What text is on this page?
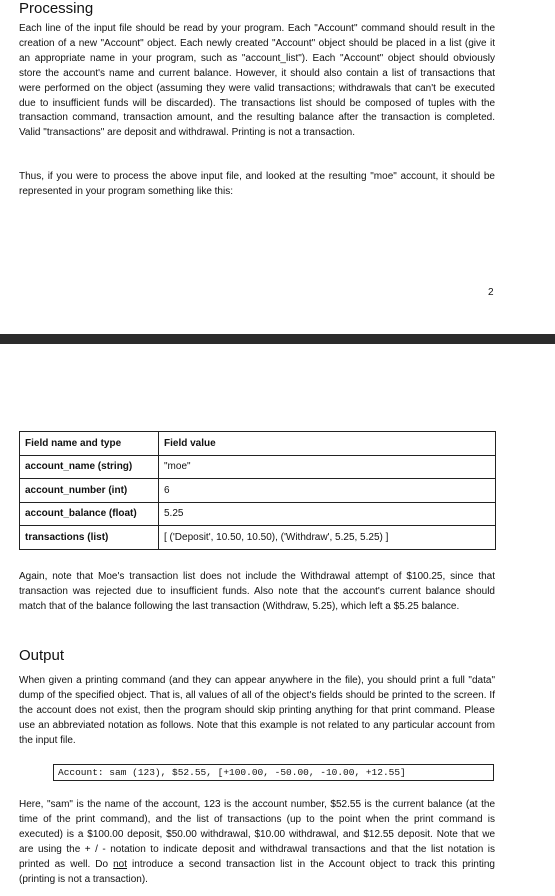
Processing

Each line of the input file should be read by your program. Each "Account" command should result in the creation of a new "Account" object. Each newly created "Account" object should be placed in a list (give it an appropriate name in your program, such as "account_list"). Each "Account" object should obviously store the account's name and current balance. However, it should also contain a list of transactions that were performed on the object (assuming they were valid transactions; withdrawals that can't be executed due to insufficient funds will be discarded). The transactions list should be composed of tuples with the transaction command, transaction amount, and the resulting balance after the transaction is completed. Valid "transactions" are deposit and withdrawal. Printing is not a transaction.

Thus, if you were to process the above input file, and looked at the resulting "moe" account, it should be represented in your program something like this:

2
Field name and type	Field value
account_name (string)	"moe"
account_number (int)	6
account_balance (float)	5.25
transactions (list)	[ ('Deposit', 10.50, 10.50), ('Withdraw', 5.25, 5.25) ]

Again, note that Moe's transaction list does not include the Withdrawal attempt of $100.25, since that transaction was rejected due to insufficient funds. Also note that the account's current balance should match that of the balance following the last transaction (Withdraw, 5.25), which left a $5.25 balance.

Output

When given a printing command (and they can appear anywhere in the file), you should print a full "data" dump of the specified object. That is, all values of all of the object's fields should be printed to the screen. If the account does not exist, then the program should skip printing anything for that print command. Please use an abbreviated notation as follows. Note that this example is not related to any particular account from the input file.

Account: sam (123), $52.55, [+100.00, -50.00, -10.00, +12.55]

Here, "sam" is the name of the account, 123 is the account number, $52.55 is the current balance (at the time of the print command), and the list of transactions (up to the point when the print command is executed) is a $100.00 deposit, $50.00 withdrawal, $10.00 withdrawal, and $12.55 deposit. Note that we are using the + / - notation to indicate deposit and withdrawal transactions and that the list notation is printed as well. Do not introduce a second transaction list in the Account object to track this printing (printing is not a transaction).
